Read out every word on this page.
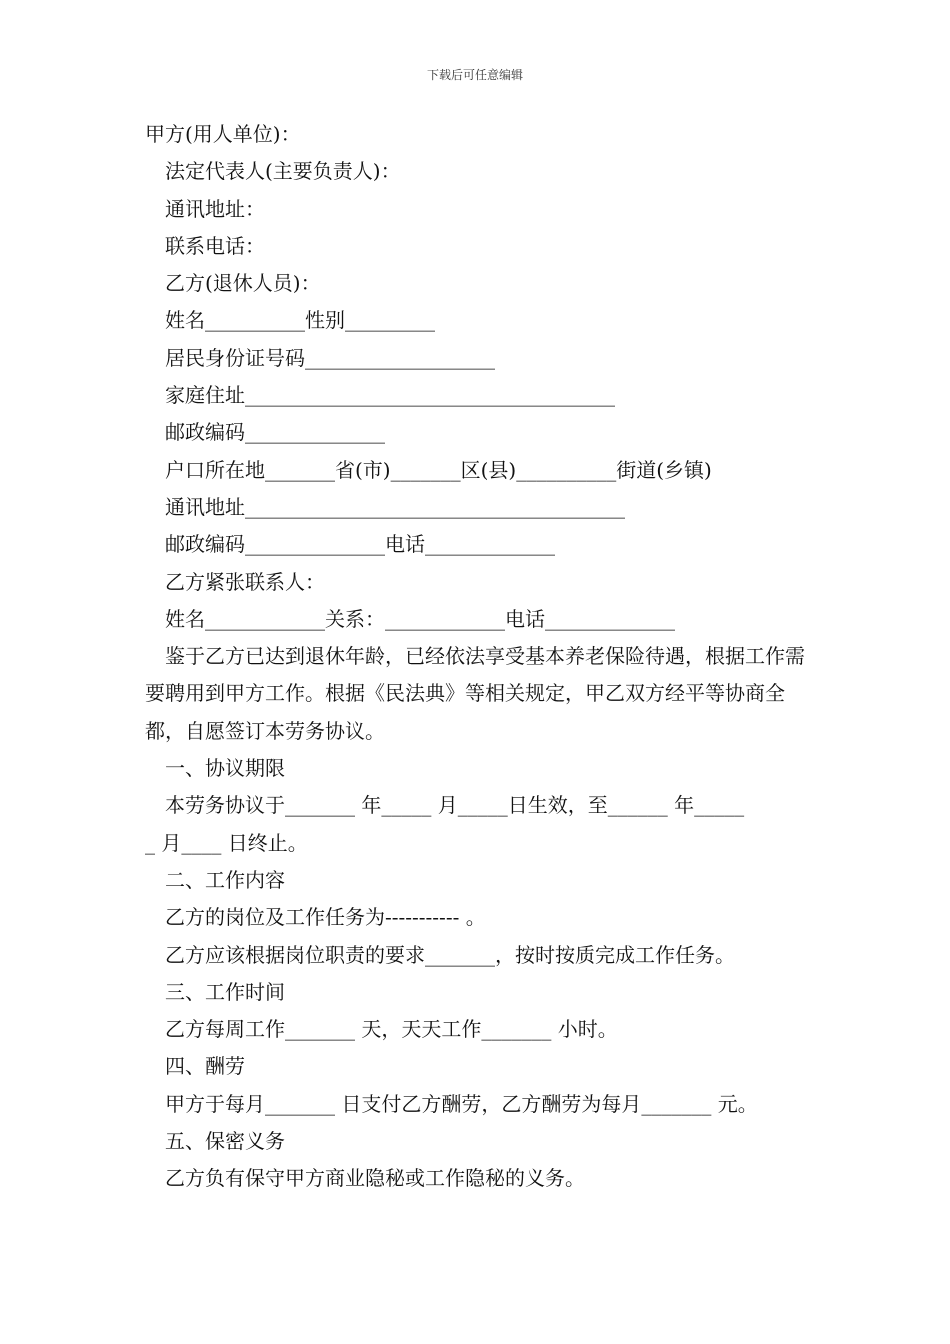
下载后可任意编辑
甲方(用人单位)：
法定代表人(主要负责人)：
通讯地址：
联系电话：
乙方(退休人员)：
姓名__________性别_________
居民身份证号码___________________
家庭住址_____________________________________
邮政编码______________
户口所在地_______省(市)_______区(县)__________街道(乡镇)
通讯地址______________________________________
邮政编码______________电话_____________
乙方紧张联系人：
姓名____________关系：____________电话_____________
鉴于乙方已达到退休年龄，已经依法享受基本养老保险待遇，根据工作需要聘用到甲方工作。根据《民法典》等相关规定，甲乙双方经平等协商全都，自愿签订本劳务协议。
一、协议期限
本劳务协议于_______ 年_____ 月_____日生效，至______ 年_____
_ 月____ 日终止。
二、工作内容
乙方的岗位及工作任务为----------- 。
乙方应该根据岗位职责的要求_______，按时按质完成工作任务。
三、工作时间
乙方每周工作_______ 天，天天工作_______ 小时。
四、酬劳
甲方于每月_______ 日支付乙方酬劳，乙方酬劳为每月_______ 元。
五、保密义务
乙方负有保守甲方商业隐秘或工作隐秘的义务。
